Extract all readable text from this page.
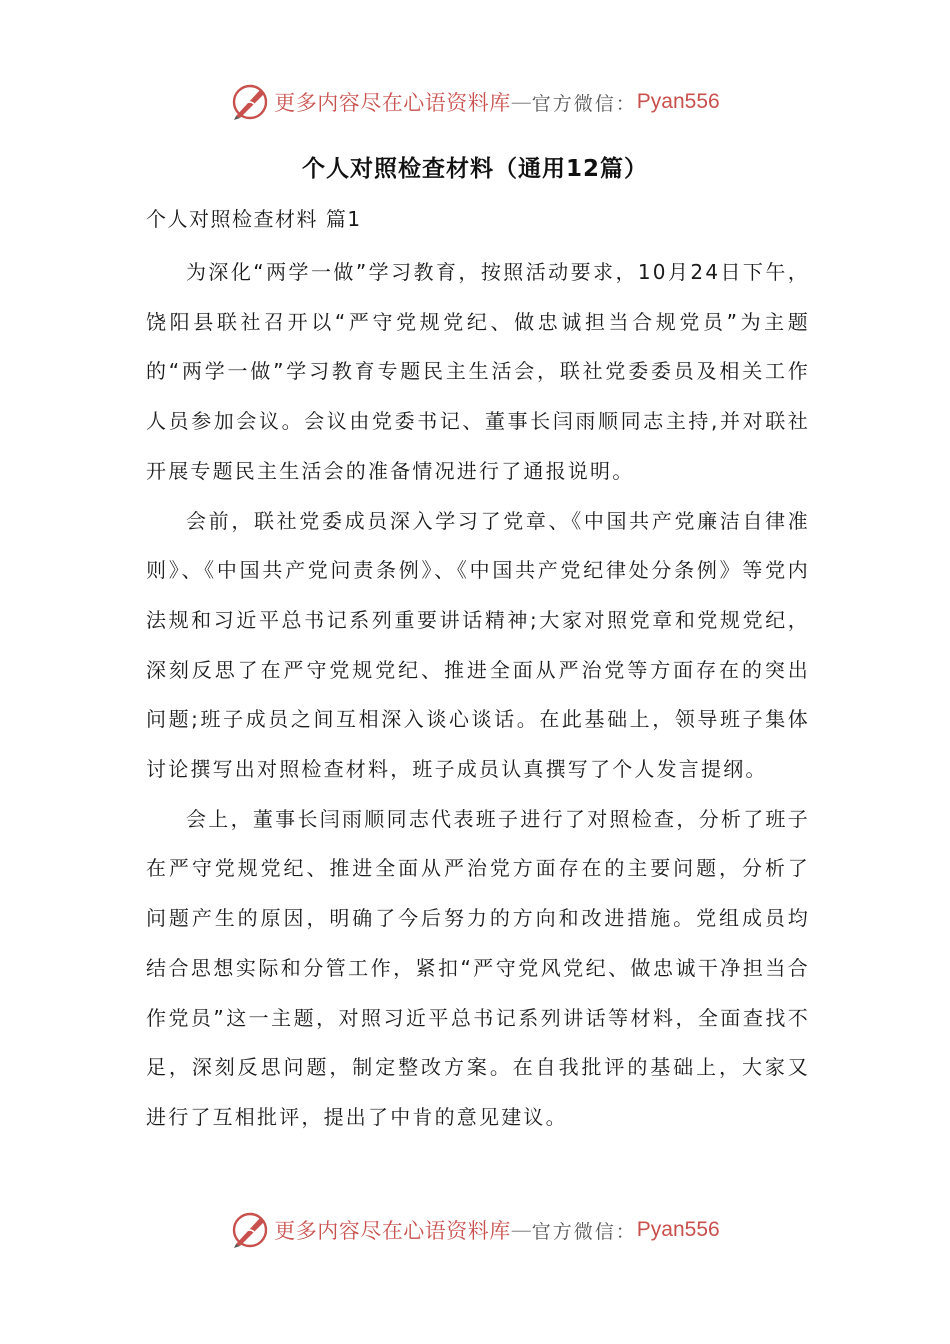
更多内容尽在心语资料库 — 官方微信： Pyan556
个人对照检查材料（通用12篇）
个人对照检查材料 篇1

为深化“两学一做”学习教育，按照活动要求，10月24日下午，饶阳县联社召开以“严守党规党纪、做忠诚担当合规党员”为主题的“两学一做”学习教育专题民主生活会，联社党委委员及相关工作人员参加会议。会议由党委书记、董事长闫雨顺同志主持,并对联社开展专题民主生活会的准备情况进行了通报说明。

会前，联社党委成员深入学习了党章、《中国共产党廉洁自律准则》、《中国共产党问责条例》、《中国共产党纪律处分条例》等党内法规和习近平总书记系列重要讲话精神;大家对照党章和党规党纪，深刻反思了在严守党规党纪、推进全面从严治党等方面存在的突出问题;班子成员之间互相深入谈心谈话。在此基础上，领导班子集体讨论撰写出对照检查材料，班子成员认真撰写了个人发言提纲。

会上，董事长闫雨顺同志代表班子进行了对照检查，分析了班子在严守党规党纪、推进全面从严治党方面存在的主要问题，分析了问题产生的原因，明确了今后努力的方向和改进措施。党组成员均结合思想实际和分管工作，紧扣“严守党风党纪、做忠诚干净担当合作党员”这一主题，对照习近平总书记系列讲话等材料，全面查找不足，深刻反思问题，制定整改方案。在自我批评的基础上，大家又进行了互相批评，提出了中肯的意见建议。

更多内容尽在心语资料库 — 官方微信： Pyan556
